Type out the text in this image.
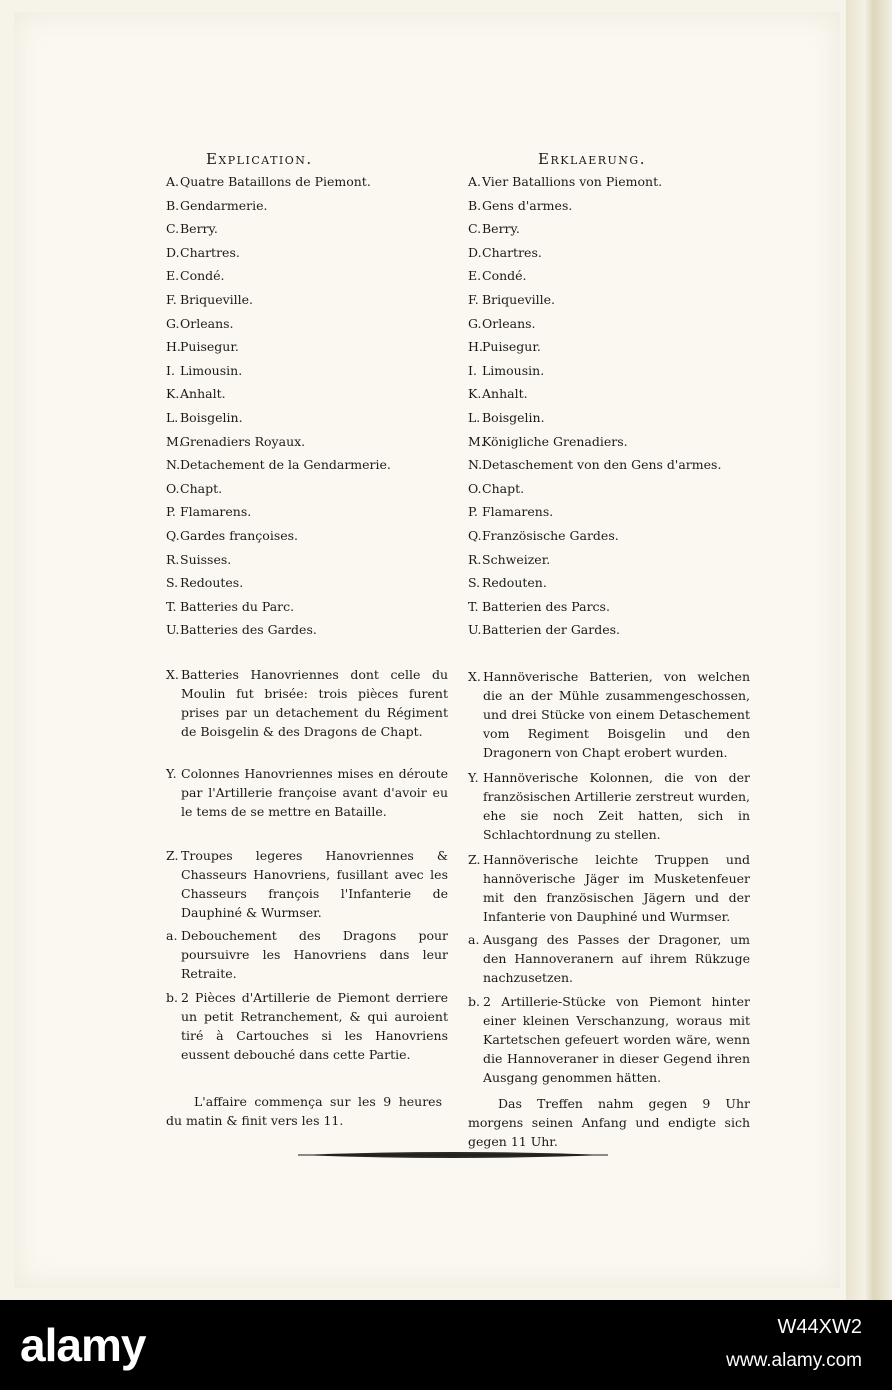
Explication.
A. Quatre Bataillons de Piemont.
B. Gendarmerie.
C. Berry.
D. Chartres.
E. Condé.
F. Briqueville.
G. Orleans.
H. Puisegur.
I. Limousin.
K. Anhalt.
L. Boisgelin.
M.
Grenadiers Royaux.
N. Detachement de la Gendarmerie.
O. Chapt.
P. Flamarens.
Q. Gardes françoises.
R. Suisses.
S. Redoutes.
T. Batteries du Parc.
U. Batteries des Gardes.
Erklaerung.
A. Vier Batallions von Piemont.
B. Gens d'armes.
C. Berry.
D. Chartres.
E. Condé.
F. Briqueville.
G. Orleans.
H. Puisegur.
I. Limousin.
K. Anhalt.
L. Boisgelin.
M.
Königliche Grenadiers.
N. Detaschement von den Gens d'armes.
O. Chapt.
P. Flamarens.
Q. Französische Gardes.
R. Schweizer.
S. Redouten.
T. Batterien des Parcs.
U. Batterien der Gardes.
X. Batteries Hanovriennes dont celle du Moulin fut brisée: trois pièces furent prises par un detachement du Régiment de Boisgelin & des Dragons de Chapt.
Y. Colonnes Hanovriennes mises en déroute par l'Artillerie françoise avant d'avoir eu le tems de se mettre en Bataille.
Z. Troupes legeres Hanovriennes & Chasseurs Hanovriens, fusillant avec les Chasseurs françois l'Infanterie de Dauphiné & Wurmser.
a. Debouchement des Dragons pour poursuivre les Hanovriens dans leur Retraite.
b. 2 Pièces d'Artillerie de Piemont derriere un petit Retranchement, & qui auroient tiré à Cartouches si les Hanovriens eussent debouché dans cette Partie.
L'affaire commença sur les 9 heures du matin & finit vers les 11.
X. Hannöverische Batterien, von welchen die an der Mühle zusammengeschossen, und drei Stücke von einem Detaschement vom Regiment Boisgelin und den Dragonern von Chapt erobert wurden.
Y. Hannöverische Kolonnen, die von der französischen Artillerie zerstreut wurden, ehe sie noch Zeit hatten, sich in Schlachtordnung zu stellen.
Z. Hannöverische leichte Truppen und hannöverische Jäger im Musketenfeuer mit den französischen Jägern und der Infanterie von Dauphiné und Wurmser.
a. Ausgang des Passes der Dragoner, um den Hannoveranern auf ihrem Rükzuge nachzusetzen.
b. 2 Artillerie-Stücke von Piemont hinter einer kleinen Verschanzung, woraus mit Kartetschen gefeuert worden wäre, wenn die Hannoveraner in dieser Gegend ihren Ausgang genommen hätten.
Das Treffen nahm gegen 9 Uhr morgens seinen Anfang und endigte sich gegen 11 Uhr.
alamy	W44XW2
www.alamy.com
